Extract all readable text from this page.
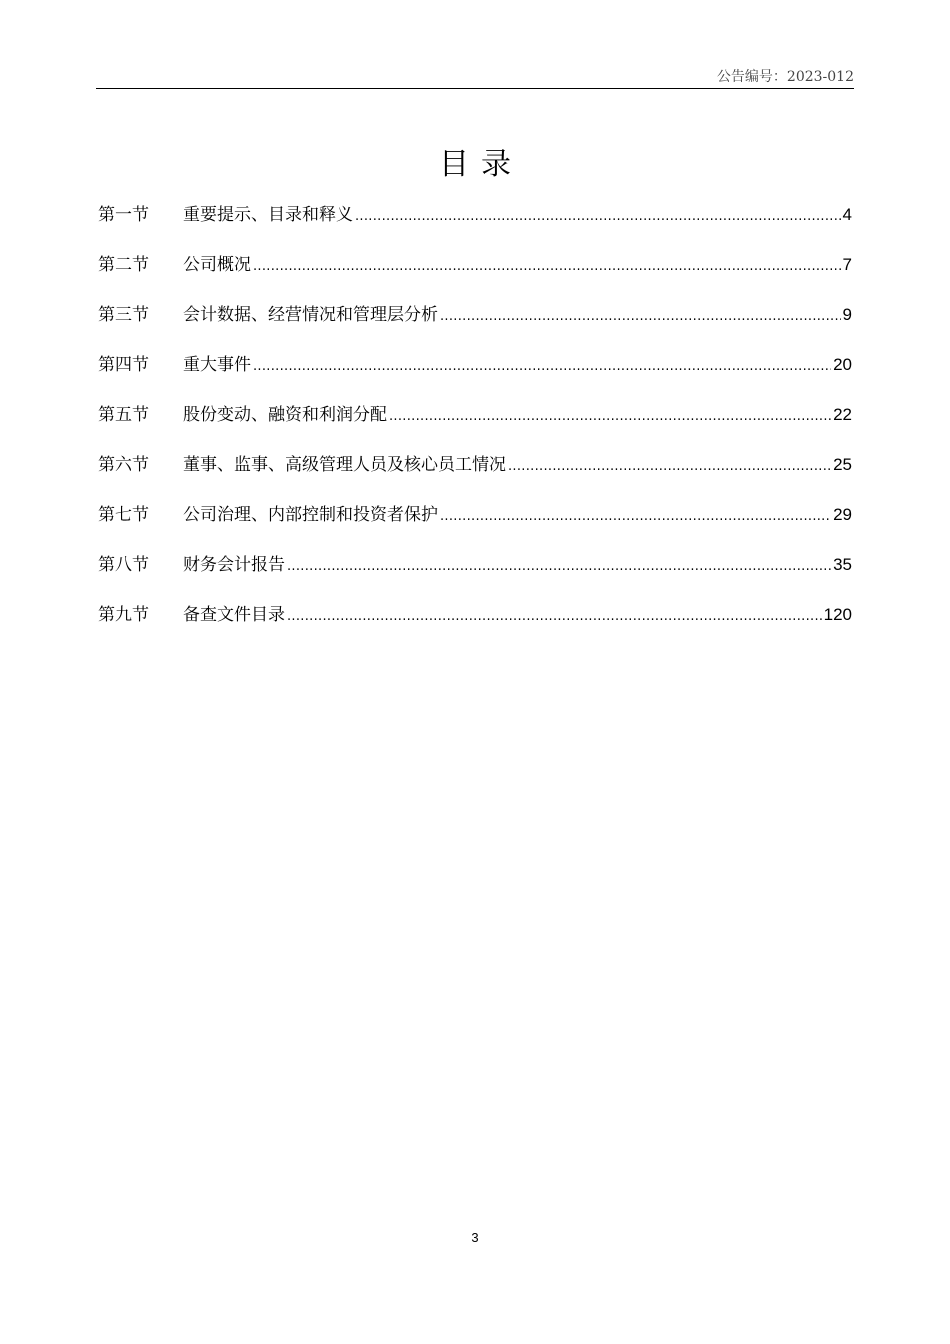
公告编号：2023-012
目录
第一节	重要提示、目录和释义 .....	4
第二节	公司概况 .....	7
第三节	会计数据、经营情况和管理层分析 .....	9
第四节	重大事件 .....	20
第五节	股份变动、融资和利润分配 .....	22
第六节	董事、监事、高级管理人员及核心员工情况 .....	25
第七节	公司治理、内部控制和投资者保护 .....	29
第八节	财务会计报告 .....	35
第九节	备查文件目录 .....	120
3
